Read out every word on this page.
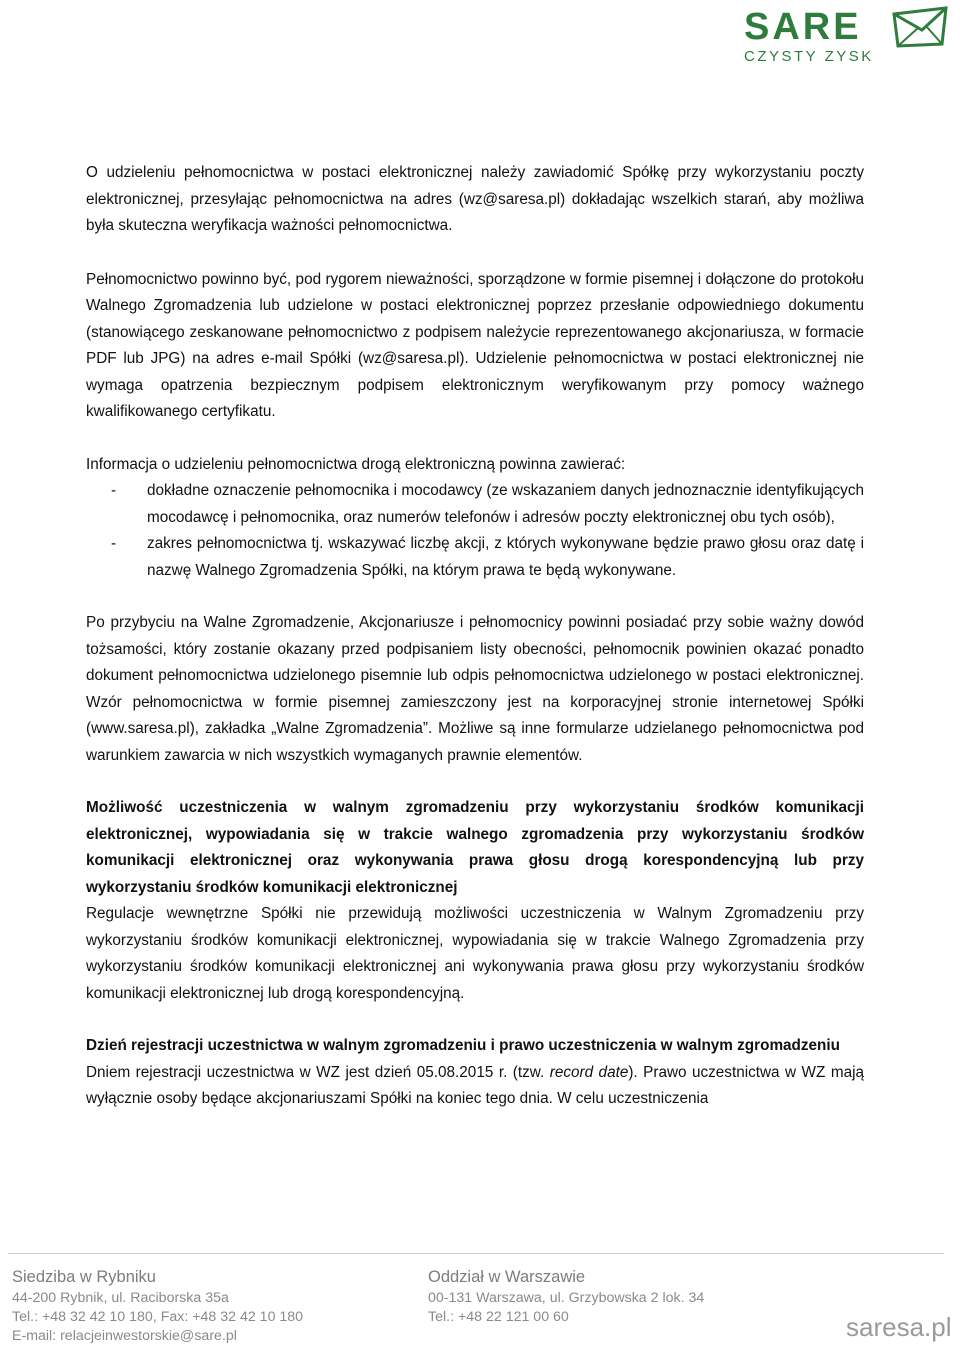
SARE
CZYSTY ZYSK

O udzieleniu pełnomocnictwa w postaci elektronicznej należy zawiadomić Spółkę przy wykorzystaniu poczty elektronicznej, przesyłając pełnomocnictwa na adres (wz@saresa.pl) dokładając wszelkich starań, aby możliwa była skuteczna weryfikacja ważności pełnomocnictwa.

Pełnomocnictwo powinno być, pod rygorem nieważności, sporządzone w formie pisemnej i dołączone do protokołu Walnego Zgromadzenia lub udzielone w postaci elektronicznej poprzez przesłanie odpowiedniego dokumentu (stanowiącego zeskanowane pełnomocnictwo z podpisem należycie reprezentowanego akcjonariusza, w formacie PDF lub JPG) na adres e-mail Spółki (wz@saresa.pl). Udzielenie pełnomocnictwa w postaci elektronicznej nie wymaga opatrzenia bezpiecznym podpisem elektronicznym weryfikowanym przy pomocy ważnego kwalifikowanego certyfikatu.

Informacja o udzieleniu pełnomocnictwa drogą elektroniczną powinna zawierać:

- dokładne oznaczenie pełnomocnika i mocodawcy (ze wskazaniem danych jednoznacznie identyfikujących mocodawcę i pełnomocnika, oraz numerów telefonów i adresów poczty elektronicznej obu tych osób),
- zakres pełnomocnictwa tj. wskazywać liczbę akcji, z których wykonywane będzie prawo głosu oraz datę i nazwę Walnego Zgromadzenia Spółki, na którym prawa te będą wykonywane.

Po przybyciu na Walne Zgromadzenie, Akcjonariusze i pełnomocnicy powinni posiadać przy sobie ważny dowód tożsamości, który zostanie okazany przed podpisaniem listy obecności, pełnomocnik powinien okazać ponadto dokument pełnomocnictwa udzielonego pisemnie lub odpis pełnomocnictwa udzielonego w postaci elektronicznej. Wzór pełnomocnictwa w formie pisemnej zamieszczony jest na korporacyjnej stronie internetowej Spółki (www.saresa.pl), zakładka „Walne Zgromadzenia”. Możliwe są inne formularze udzielanego pełnomocnictwa pod warunkiem zawarcia w nich wszystkich wymaganych prawnie elementów.

Możliwość uczestniczenia w walnym zgromadzeniu przy wykorzystaniu środków komunikacji elektronicznej, wypowiadania się w trakcie walnego zgromadzenia przy wykorzystaniu środków komunikacji elektronicznej oraz wykonywania prawa głosu drogą korespondencyjną lub przy wykorzystaniu środków komunikacji elektronicznej

Regulacje wewnętrzne Spółki nie przewidują możliwości uczestniczenia w Walnym Zgromadzeniu przy wykorzystaniu środków komunikacji elektronicznej, wypowiadania się w trakcie Walnego Zgromadzenia przy wykorzystaniu środków komunikacji elektronicznej ani wykonywania prawa głosu przy wykorzystaniu środków komunikacji elektronicznej lub drogą korespondencyjną.

Dzień rejestracji uczestnictwa w walnym zgromadzeniu i prawo uczestniczenia w walnym zgromadzeniu

Dniem rejestracji uczestnictwa w WZ jest dzień 05.08.2015 r. (tzw. record date). Prawo uczestnictwa w WZ mają wyłącznie osoby będące akcjonariuszami Spółki na koniec tego dnia. W celu uczestniczenia

Siedziba w Rybniku
44-200 Rybnik, ul. Raciborska 35a
Tel.: +48 32 42 10 180, Fax: +48 32 42 10 180
E-mail: relacjeinwestorskie@sare.pl
Oddział w Warszawie
00-131 Warszawa, ul. Grzybowska 2 lok. 34
Tel.: +48 22 121 00 60	saresa.pl
